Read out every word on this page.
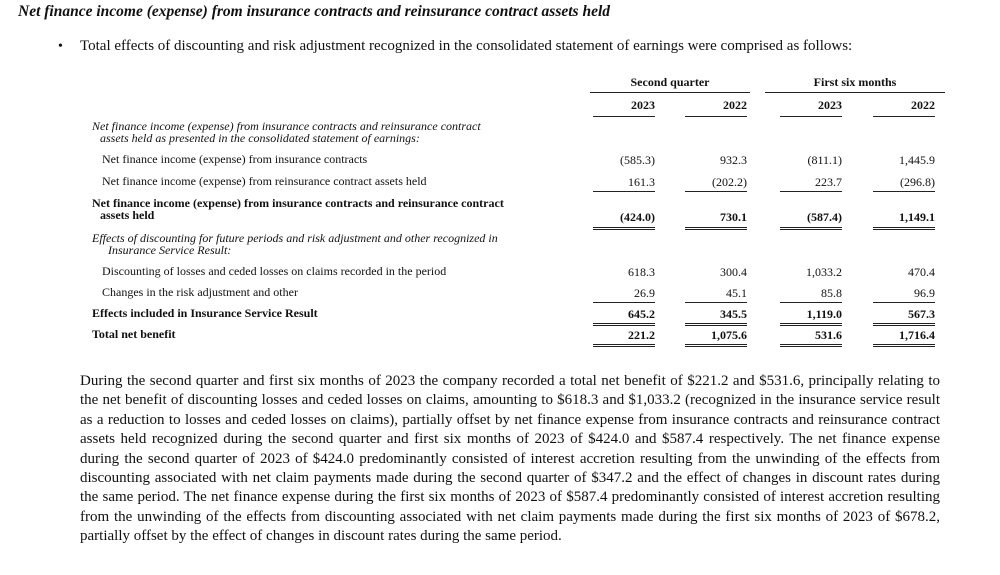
Net finance income (expense) from insurance contracts and reinsurance contract assets held
• Total effects of discounting and risk adjustment recognized in the consolidated statement of earnings were comprised as follows:
Second quarter	First six months
2023	2022	2023	2022
Net finance income (expense) from insurance contracts and reinsurance contract
assets held as presented in the consolidated statement of earnings:
Net finance income (expense) from insurance contracts	(585.3)	932.3	(811.1)	1,445.9
Net finance income (expense) from reinsurance contract assets held	161.3	(202.2)	223.7	(296.8)
Net finance income (expense) from insurance contracts and reinsurance contract
assets held	(424.0)	730.1	(587.4)	1,149.1
Effects of discounting for future periods and risk adjustment and other recognized in
Insurance Service Result:
Discounting of losses and ceded losses on claims recorded in the period	618.3	300.4	1,033.2	470.4
Changes in the risk adjustment and other	26.9	45.1	85.8	96.9
Effects included in Insurance Service Result	645.2	345.5	1,119.0	567.3
Total net benefit	221.2	1,075.6	531.6	1,716.4
During the second quarter and first six months of 2023 the company recorded a total net benefit of $221.2 and $531.6, principally relating to the net benefit of discounting losses and ceded losses on claims, amounting to $618.3 and $1,033.2 (recognized in the insurance service result as a reduction to losses and ceded losses on claims), partially offset by net finance expense from insurance contracts and reinsurance contract assets held recognized during the second quarter and first six months of 2023 of $424.0 and $587.4 respectively. The net finance expense during the second quarter of 2023 of $424.0 predominantly consisted of interest accretion resulting from the unwinding of the effects from discounting associated with net claim payments made during the second quarter of $347.2 and the effect of changes in discount rates during the same period. The net finance expense during the first six months of 2023 of $587.4 predominantly consisted of interest accretion resulting from the unwinding of the effects from discounting associated with net claim payments made during the first six months of 2023 of $678.2, partially offset by the effect of changes in discount rates during the same period.
